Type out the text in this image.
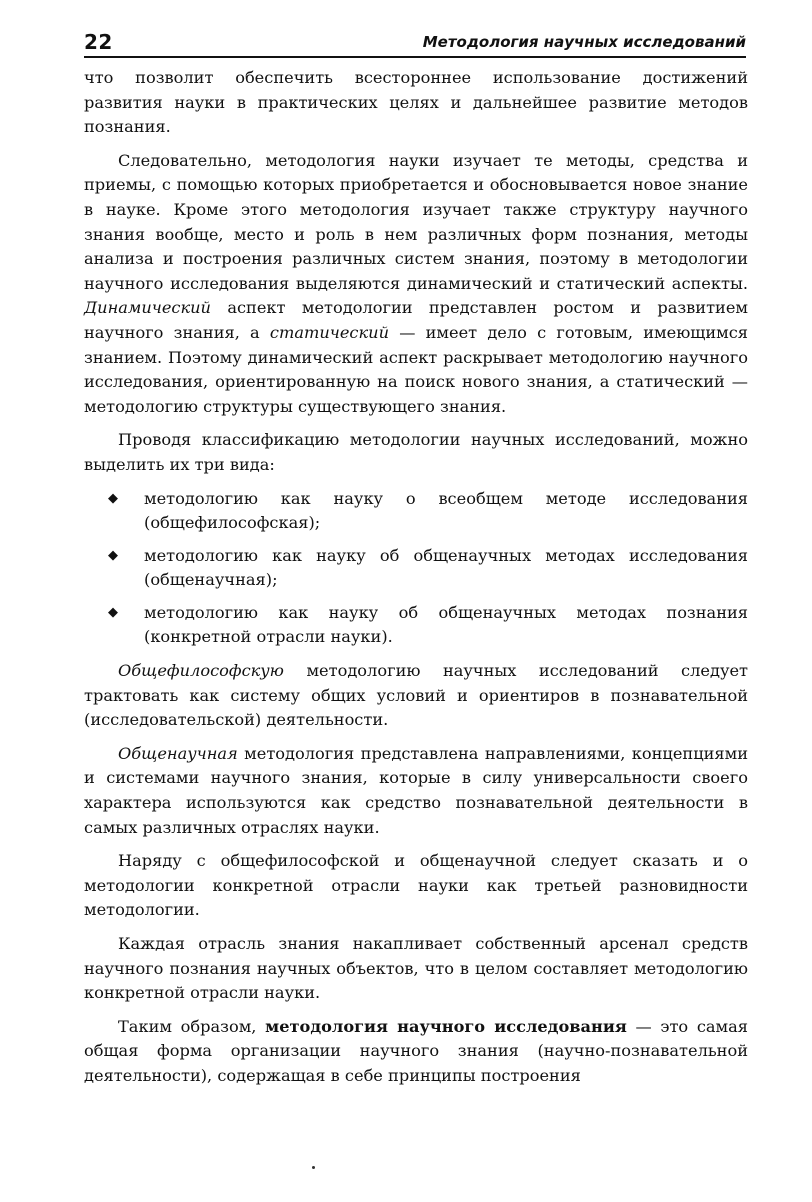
22	Методология научных исследований

что позволит обеспечить всестороннее использование достижений развития науки в практических целях и дальнейшее развитие методов познания.

Следовательно, методология науки изучает те методы, средства и приемы, с помощью которых приобретается и обосновывается новое знание в науке. Кроме этого методология изучает также структуру научного знания вообще, место и роль в нем различных форм познания, методы анализа и построения различных систем знания, поэтому в методологии научного исследования выделяются динамический и статический аспекты. Динамический аспект методологии представлен ростом и развитием научного знания, а статический — имеет дело с готовым, имеющимся знанием. Поэтому динамический аспект раскрывает методологию научного исследования, ориентированную на поиск нового знания, а статический — методологию структуры существующего знания.

Проводя классификацию методологии научных исследований, можно выделить их три вида:

◆ методологию как науку о всеобщем методе исследования (общефилософская);
◆ методологию как науку об общенаучных методах исследования (общенаучная);
◆ методологию как науку об общенаучных методах познания (конкретной отрасли науки).

Общефилософскую методологию научных исследований следует трактовать как систему общих условий и ориентиров в познавательной (исследовательской) деятельности.

Общенаучная методология представлена направлениями, концепциями и системами научного знания, которые в силу универсальности своего характера используются как средство познавательной деятельности в самых различных отраслях науки.

Наряду с общефилософской и общенаучной следует сказать и о методологии конкретной отрасли науки как третьей разновидности методологии.

Каждая отрасль знания накапливает собственный арсенал средств научного познания научных объектов, что в целом составляет методологию конкретной отрасли науки.

Таким образом, методология научного исследования — это самая общая форма организации научного знания (научно-познавательной деятельности), содержащая в себе принципы построения
